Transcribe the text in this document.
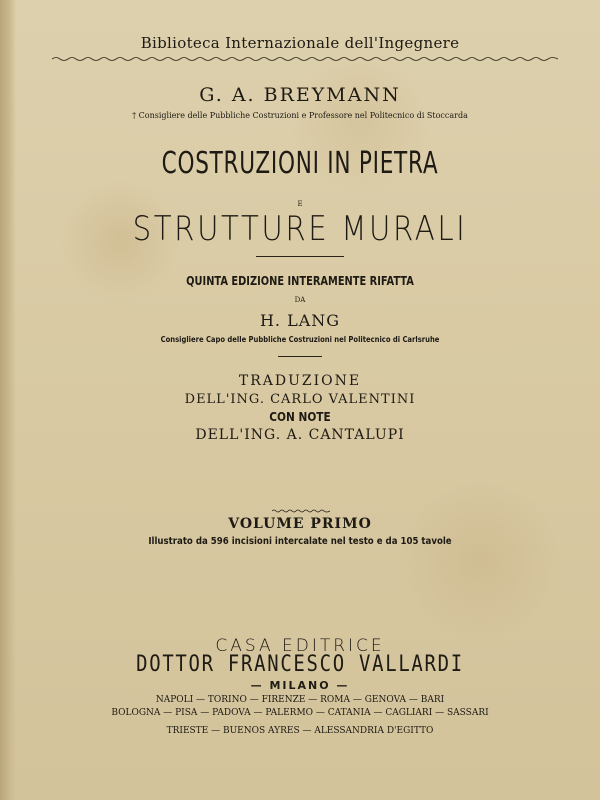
Biblioteca Internazionale dell'Ingegnere
G. A. BREYMANN
† Consigliere delle Pubbliche Costruzioni e Professore nel Politecnico di Stoccarda
COSTRUZIONI IN PIETRA
E
STRUTTURE MURALI
QUINTA EDIZIONE INTERAMENTE RIFATTA
DA
H. LANG
Consigliere Capo delle Pubbliche Costruzioni nel Politecnico di Carlsruhe
TRADUZIONE
DELL'ING. CARLO VALENTINI
CON NOTE
DELL'ING. A. CANTALUPI
VOLUME PRIMO
Illustrato da 596 incisioni intercalate nel testo e da 105 tavole
CASA EDITRICE
DOTTOR FRANCESCO VALLARDI
— MILANO —
NAPOLI — TORINO — FIRENZE — ROMA — GENOVA — BARI
BOLOGNA — PISA — PADOVA — PALERMO — CATANIA — CAGLIARI — SASSARI
TRIESTE — BUENOS AYRES — ALESSANDRIA D'EGITTO
